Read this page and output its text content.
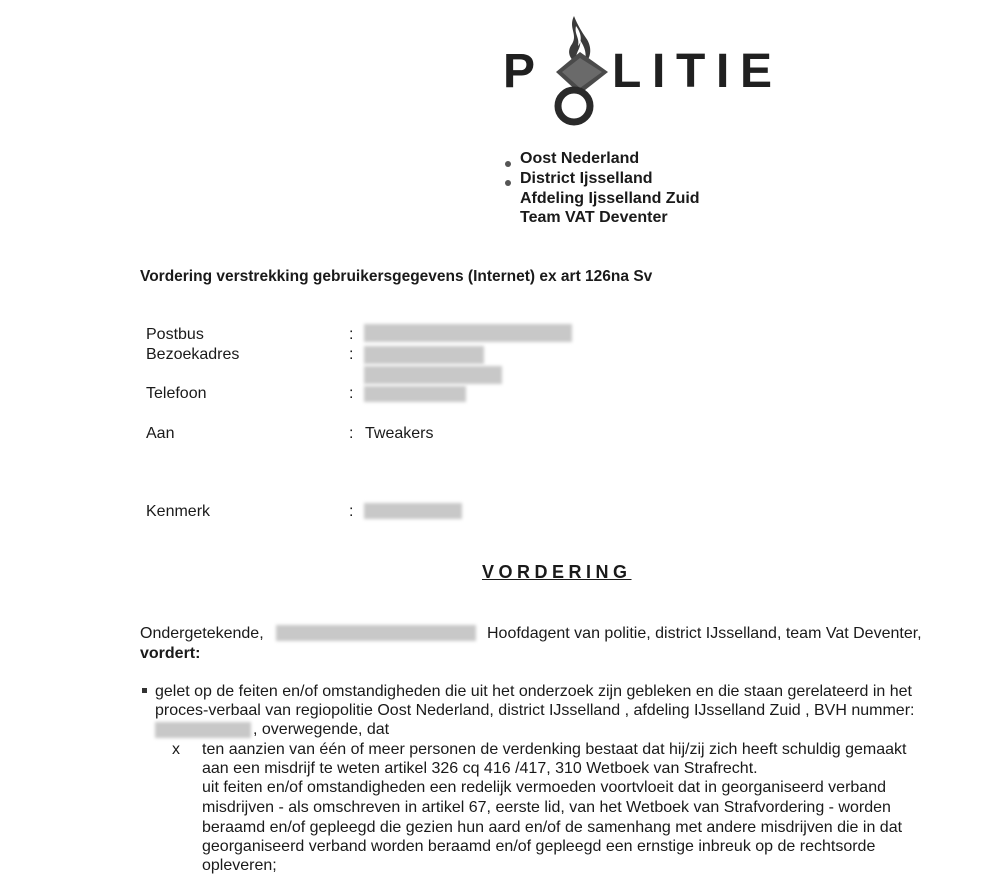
P L I T I E
Oost Nederland
District Ijsselland
Afdeling Ijsselland Zuid
Team VAT Deventer
Vordering verstrekking gebruikersgegevens (Internet) ex art 126na Sv
Postbus	:
Bezoekadres	:
Telefoon	:
Aan	: Tweakers
Kenmerk	:
VORDERING
Ondergetekende,	Hoofdagent van politie, district IJsselland, team Vat Deventer,
vordert:
gelet op de feiten en/of omstandigheden die uit het onderzoek zijn gebleken en die staan gerelateerd in het
proces-verbaal van regiopolitie Oost Nederland, district IJsselland , afdeling IJsselland Zuid , BVH nummer:
, overwegende, dat
x ten aanzien van één of meer personen de verdenking bestaat dat hij/zij zich heeft schuldig gemaakt
aan een misdrijf te weten artikel 326 cq 416 /417, 310 Wetboek van Strafrecht.
uit feiten en/of omstandigheden een redelijk vermoeden voortvloeit dat in georganiseerd verband
misdrijven - als omschreven in artikel 67, eerste lid, van het Wetboek van Strafvordering - worden
beraamd en/of gepleegd die gezien hun aard en/of de samenhang met andere misdrijven die in dat
georganiseerd verband worden beraamd en/of gepleegd een ernstige inbreuk op de rechtsorde
opleveren;
